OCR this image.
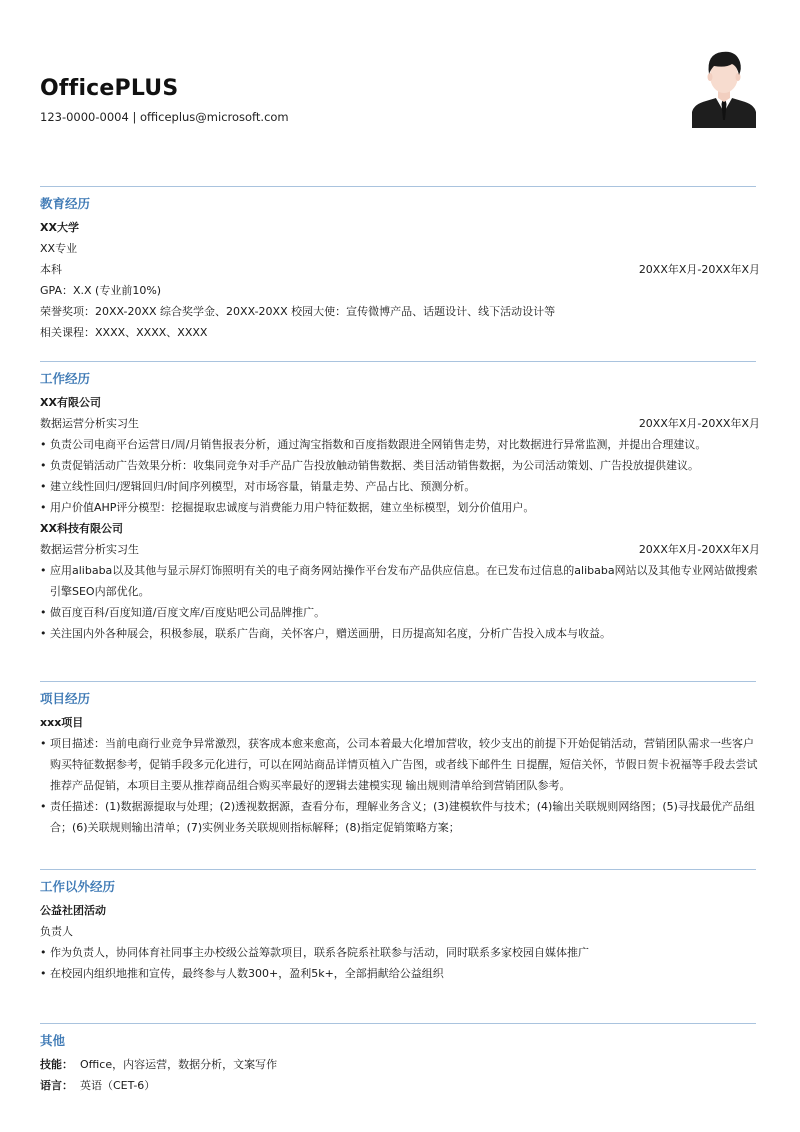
OfficePLUS
123-0000-0004 | officeplus@microsoft.com
教育经历
XX大学
XX专业
本科	20XX年X月-20XX年X月
GPA：X.X (专业前10%)
荣誉奖项：20XX-20XX 综合奖学金、20XX-20XX 校园大使：宣传微博产品、话题设计、线下活动设计等
相关课程：XXXX、XXXX、XXXX
工作经历
XX有限公司
数据运营分析实习生	20XX年X月-20XX年X月
• 负责公司电商平台运营日/周/月销售报表分析，通过淘宝指数和百度指数跟进全网销售走势，对比数据进行异常监测，并提出合理建议。
• 负责促销活动广告效果分析：收集同竞争对手产品广告投放触动销售数据、类目活动销售数据，为公司活动策划、广告投放提供建议。
• 建立线性回归/逻辑回归/时间序列模型，对市场容量，销量走势、产品占比、预测分析。
• 用户价值AHP评分模型：挖掘提取忠诚度与消费能力用户特征数据，建立坐标模型，划分价值用户。
XX科技有限公司
数据运营分析实习生	20XX年X月-20XX年X月
• 应用alibaba以及其他与显示屏灯饰照明有关的电子商务网站操作平台发布产品供应信息。在已发布过信息的alibaba网站以及其他专业网站做搜索引擎SEO内部优化。
• 做百度百科/百度知道/百度文库/百度贴吧公司品牌推广。
• 关注国内外各种展会，积极参展，联系广告商，关怀客户，赠送画册，日历提高知名度，分析广告投入成本与收益。
项目经历
xxx项目
• 项目描述：当前电商行业竞争异常激烈，获客成本愈来愈高，公司本着最大化增加营收，较少支出的前提下开始促销活动，营销团队需求一些客户购买特征数据参考，促销手段多元化进行，可以在网站商品详情页植入广告图，或者线下邮件生 日提醒，短信关怀，节假日贺卡祝福等手段去尝试推荐产品促销，本项目主要从推荐商品组合购买率最好的逻辑去建模实现 输出规则清单给到营销团队参考。
• 责任描述：(1)数据源提取与处理；(2)透视数据源，查看分布，理解业务含义；(3)建模软件与技术；(4)输出关联规则网络图；(5)寻找最优产品组合；(6)关联规则输出清单；(7)实例业务关联规则指标解释；(8)指定促销策略方案；
工作以外经历
公益社团活动
负责人
• 作为负责人，协同体育社同事主办校级公益筹款项目，联系各院系社联参与活动，同时联系多家校园自媒体推广
• 在校园内组织地推和宣传，最终参与人数300+，盈利5k+，全部捐献给公益组织
其他
技能： Office，内容运营，数据分析，文案写作
语言： 英语（CET-6）
